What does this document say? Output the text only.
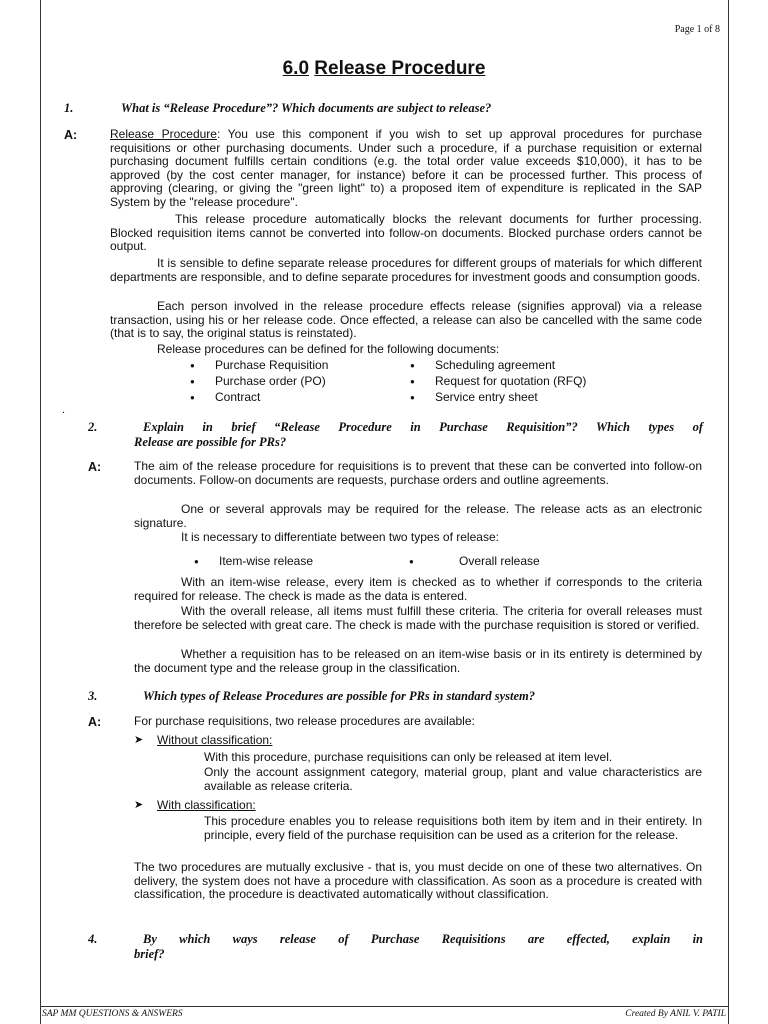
Page 1 of 8
6.0 Release Procedure
1.	What is “Release Procedure”? Which documents are subject to release?
A:	Release Procedure: You use this component if you wish to set up approval procedures for purchase requisitions or other purchasing documents. Under such a procedure, if a purchase requisition or external purchasing document fulfills certain conditions (e.g. the total order value exceeds $10,000), it has to be approved (by the cost center manager, for instance) before it can be processed further. This process of approving (clearing, or giving the "green light" to) a proposed item of expenditure is replicated in the SAP System by the "release procedure".
This release procedure automatically blocks the relevant documents for further processing. Blocked requisition items cannot be converted into follow-on documents. Blocked purchase orders cannot be output.
It is sensible to define separate release procedures for different groups of materials for which different departments are responsible, and to define separate procedures for investment goods and consumption goods.
Each person involved in the release procedure effects release (signifies approval) via a release transaction, using his or her release code. Once effected, a release can also be cancelled with the same code (that is to say, the original status is reinstated).
Release procedures can be defined for the following documents:
● Purchase Requisition
● Purchase order (PO)
● Contract
● Scheduling agreement
● Request for quotation (RFQ)
● Service entry sheet
.
2.	Explain in brief “Release Procedure in Purchase Requisition”? Which types of
Release are possible for PRs?
A:	The aim of the release procedure for requisitions is to prevent that these can be converted into follow-on documents. Follow-on documents are requests, purchase orders and outline agreements.
One or several approvals may be required for the release. The release acts as an electronic signature.
It is necessary to differentiate between two types of release:
● Item-wise release	●	Overall release
With an item-wise release, every item is checked as to whether if corresponds to the criteria required for release. The check is made as the data is entered.
With the overall release, all items must fulfill these criteria. The criteria for overall releases must therefore be selected with great care. The check is made with the purchase requisition is stored or verified.
Whether a requisition has to be released on an item-wise basis or in its entirety is determined by the document type and the release group in the classification.
3.	Which types of Release Procedures are possible for PRs in standard system?
A:	For purchase requisitions, two release procedures are available:
➤ Without classification:
With this procedure, purchase requisitions can only be released at item level.
Only the account assignment category, material group, plant and value characteristics are available as release criteria.
➤ With classification:
This procedure enables you to release requisitions both item by item and in their entirety. In principle, every field of the purchase requisition can be used as a criterion for the release.
The two procedures are mutually exclusive - that is, you must decide on one of these two alternatives. On delivery, the system does not have a procedure with classification. As soon as a procedure is created with classification, the procedure is deactivated automatically without classification.
4.	By which ways release of Purchase Requisitions are effected, explain in
brief?
SAP MM QUESTIONS & ANSWERS	Created By ANIL V. PATIL
